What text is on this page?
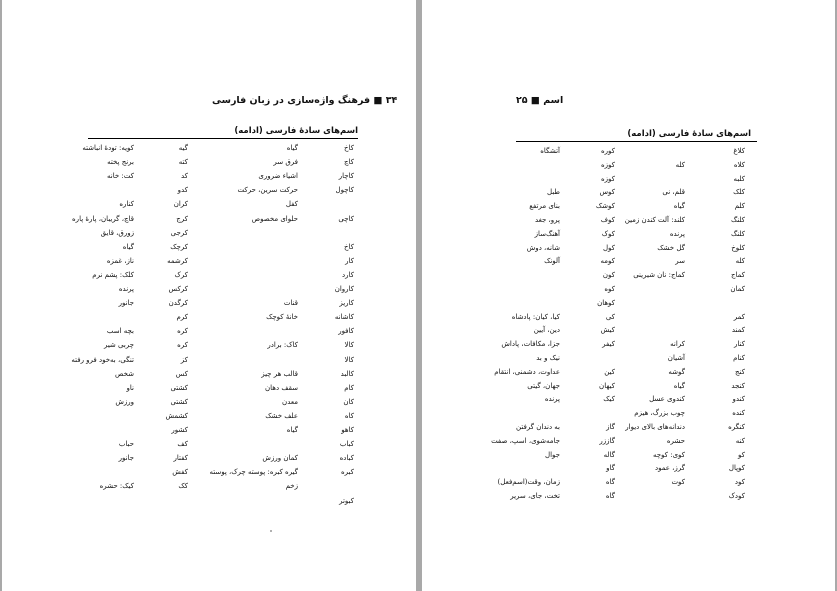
۳۴ ■ فرهنگ واژه‌سازی در زبان فارسی
اسم‌های سادهٔ فارسی (ادامه)
کاخ
گیاه
گیه
کویه: تودهٔ انباشته
کاچ
فرق سر
کته
برنج پخته
کاچار
اشیاء ضروری
کد
کت: خانه
کاچول
حرکت سرین، حرکت
کدو
کفل
کران
کناره
کاچی
حلوای مخصوص
کرج
قاچ، گریبان، پارهٔ پاره
کرجی
زورق، قایق
کاخ
کرچک
گیاه
کار
کرشمه
ناز، غمزه
کارد
کرک
کلک: پشم نرم
کاروان
کرکس
پرنده
کاریز
قنات
کرگدن
جانور
کاشانه
خانهٔ کوچک
کرم
کافور
کره
بچه اسب
کالا
کاک: برادر
کره
چربی شیر
کالا
کز
تنگی، به‌خود فرو رفته
کالبد
قالب هر چیز
کس
شخص
کام
سقف دهان
کشتی
ناو
کان
معدن
کشتی
ورزش
کاه
علف خشک
کشمش
کاهو
گیاه
کشور
کباب
کف
حباب
کباده
کمان ورزش
کفتار
جانور
کبره
گیره کبره: پوسته چرک، پوسته
کفش
زخم
کک
کیک: حشره
کبوتر
اسم ■ ۲۵
اسم‌های سادهٔ فارسی (ادامه)
کلاغ
کوره
آتشگاه
کلاه
کله
کوزه
کلبه
کوزه
کلک
قلم، نی
کوس
طبل
کلم
گیاه
کوشک
بنای مرتفع
کلنگ
کلند: آلت کندن زمین
کوف
پرو، جغد
کلنگ
پرنده
کوک
آهنگ‌ساز
کلوخ
گل خشک
کول
شانه، دوش
کله
سر
کومه
آلونک
کماج
کماج: نان شیرینی
کون
کمان
کوه
کوهان
کمر
کی
کیا، کیان: پادشاه
کمند
کیش
دین، آیین
کنار
کرانه
کیفر
جزا، مکافات، پاداش
کنام
آشیان
نیک و بد
کنج
گوشه
کین
عداوت، دشمنی، انتقام
کنجد
گیاه
کیهان
جهان، گیتی
کندو
کندوی عسل
کیک
پرنده
کنده
چوب بزرگ، هیزم
کنگره
دندانه‌های بالای دیوار
گاز
به دندان گرفتن
کنه
حشره
گاززر
جامه‌شوی، اسپ، صفت
کو
کوی: کوچه
گاله
جوال
کوپال
گرز، عمود
گاو
کود
کوت
گاه
زمان، وقت(اسم‌فعل)
کودک
گاه
تخت، جای، سریر
